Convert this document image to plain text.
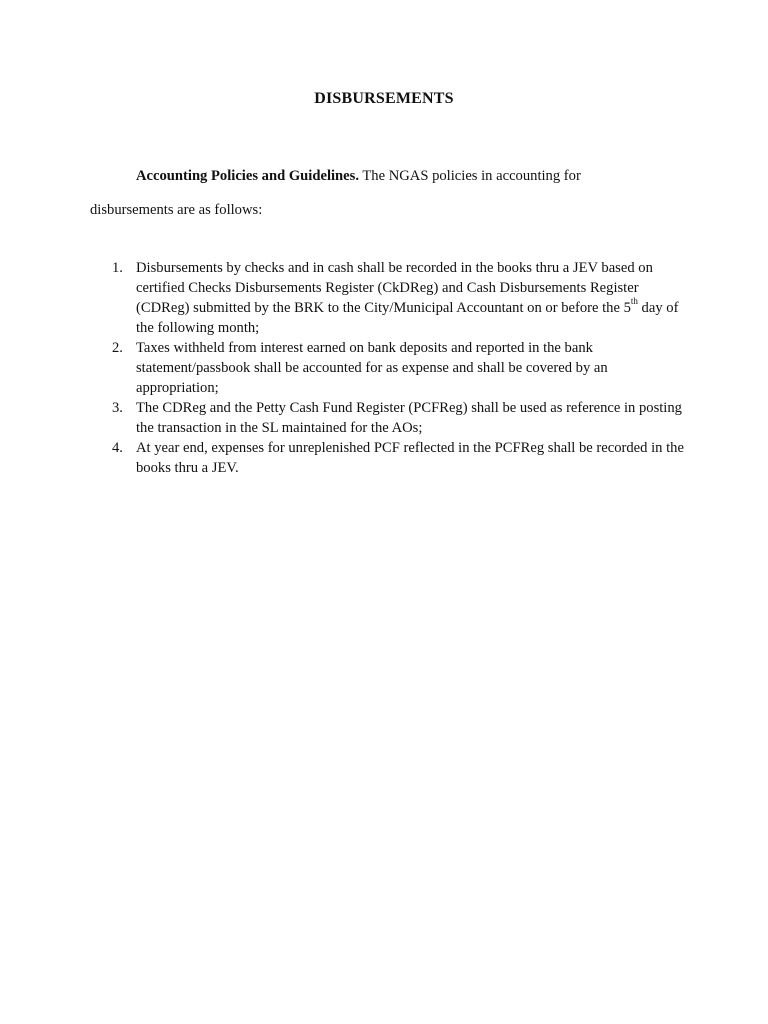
DISBURSEMENTS
Accounting Policies and Guidelines. The NGAS policies in accounting for
disbursements are as follows:
1. Disbursements by checks and in cash shall be recorded in the books thru a JEV based on certified Checks Disbursements Register (CkDReg) and Cash Disbursements Register (CDReg) submitted by the BRK to the City/Municipal Accountant on or before the 5th day of the following month;
2. Taxes withheld from interest earned on bank deposits and reported in the bank statement/passbook shall be accounted for as expense and shall be covered by an appropriation;
3. The CDReg and the Petty Cash Fund Register (PCFReg) shall be used as reference in posting the transaction in the SL maintained for the AOs;
4. At year end, expenses for unreplenished PCF reflected in the PCFReg shall be recorded in the books thru a JEV.
